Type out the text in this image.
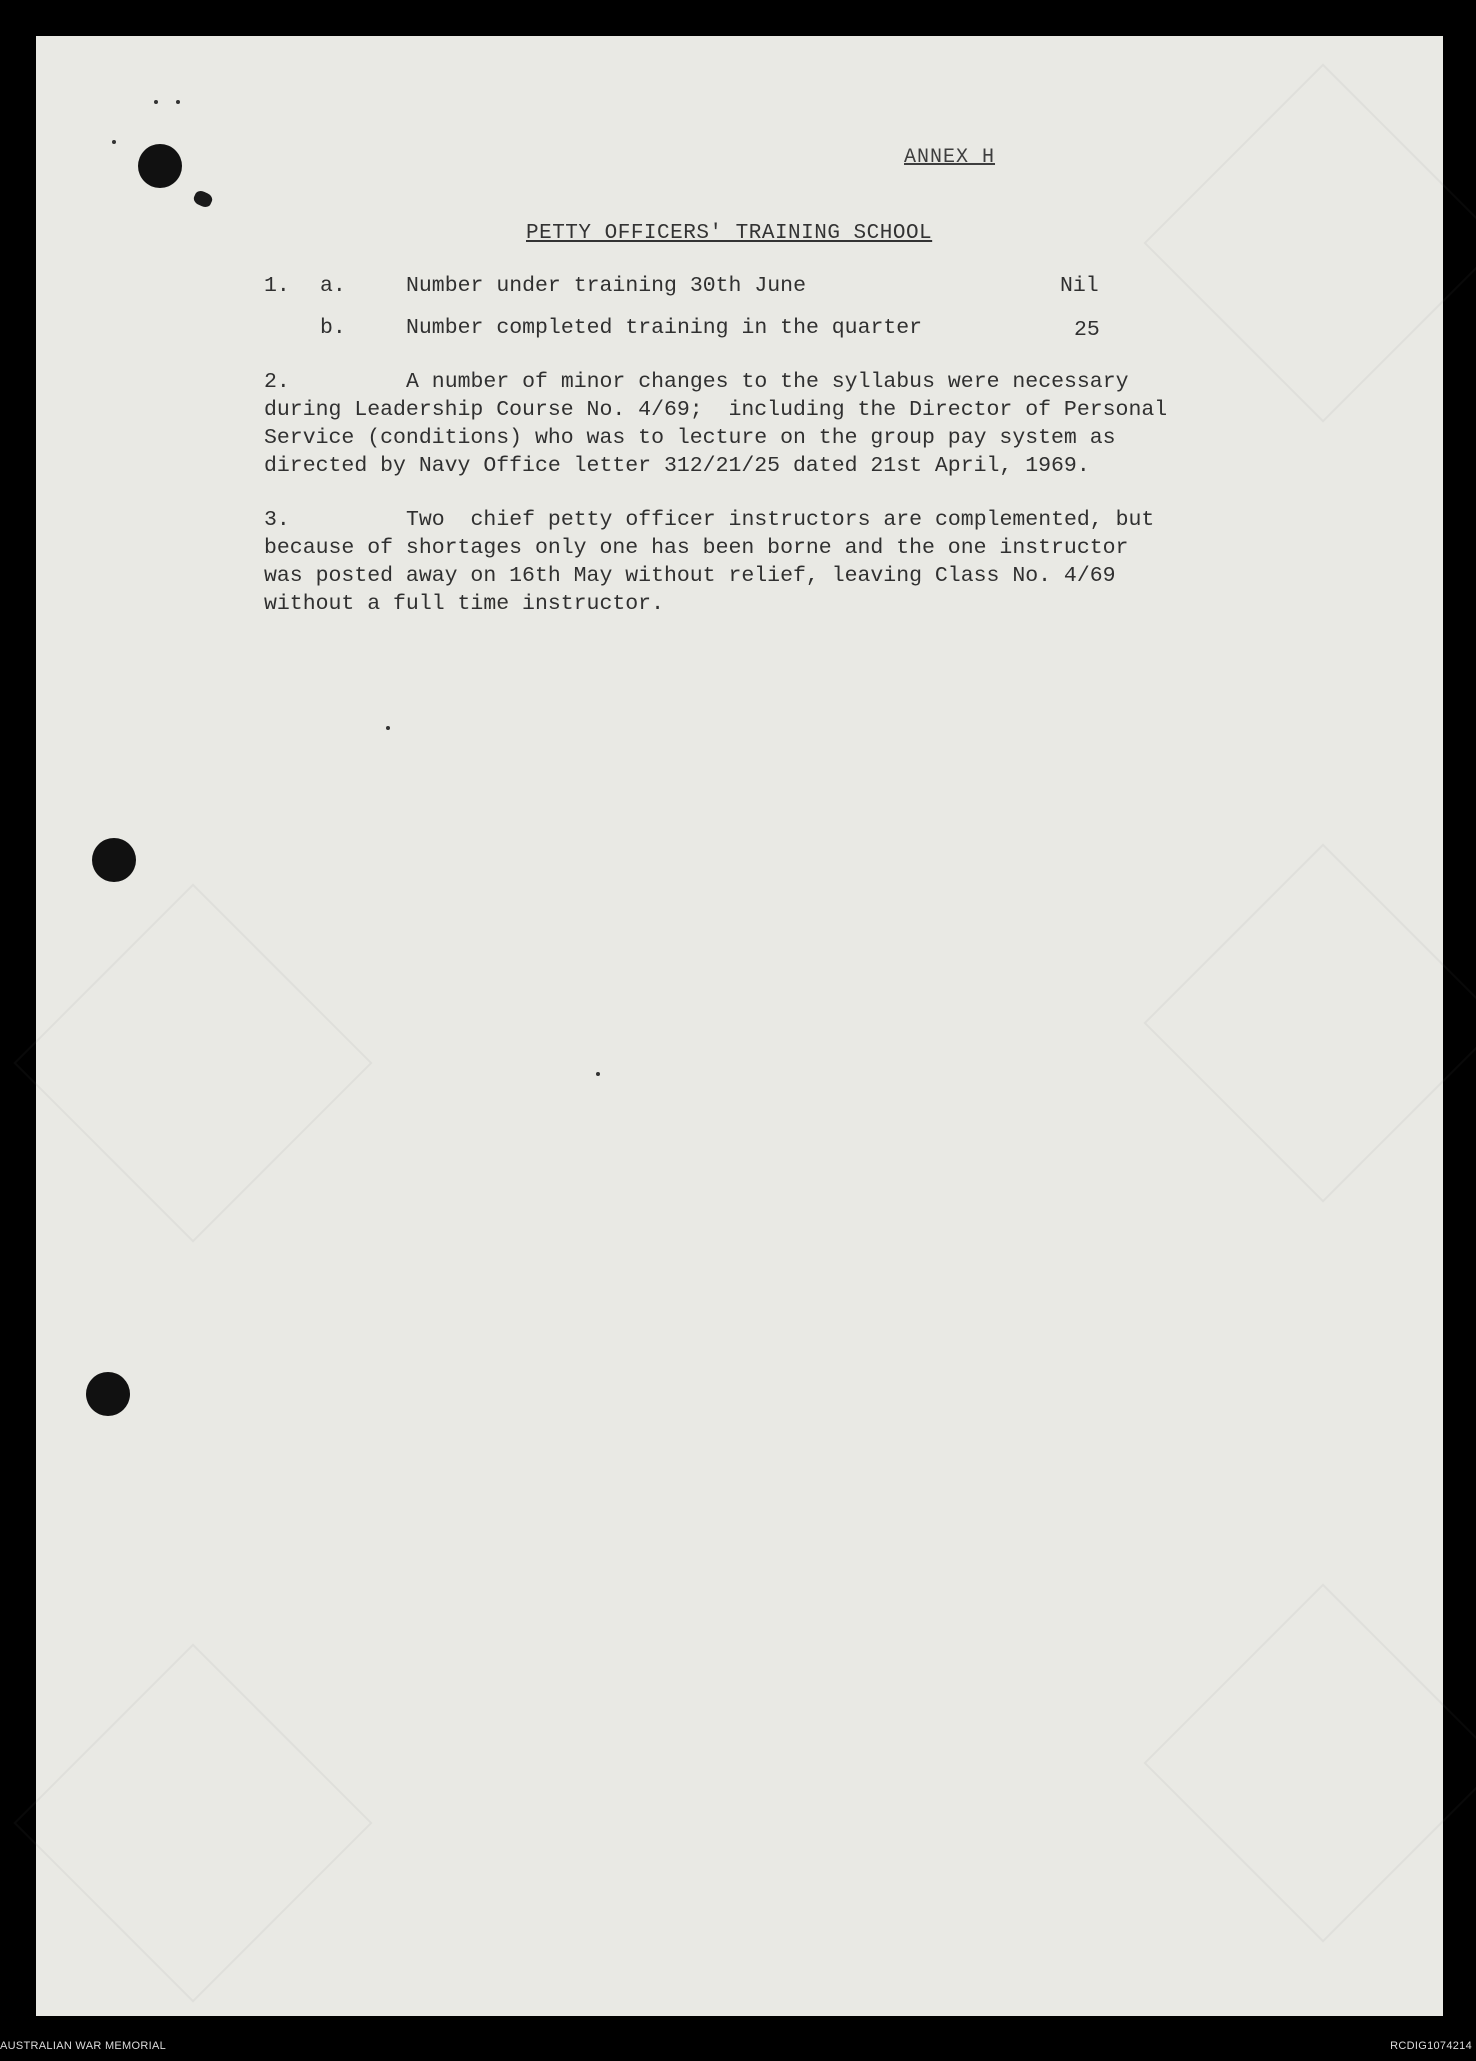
ANNEX H
PETTY OFFICERS' TRAINING SCHOOL
1. a.	Number under training 30th June	Nil
b.	Number completed training in the quarter	25
2.	A number of minor changes to the syllabus were necessary
during Leadership Course No. 4/69;  including the Director of Personal
Service (conditions) who was to lecture on the group pay system as
directed by Navy Office letter 312/21/25 dated 21st April, 1969.
3.	Two  chief petty officer instructors are complemented, but
because of shortages only one has been borne and the one instructor
was posted away on 16th May without relief, leaving Class No. 4/69
without a full time instructor.
AUSTRALIAN WAR MEMORIAL	RCDIG1074214
